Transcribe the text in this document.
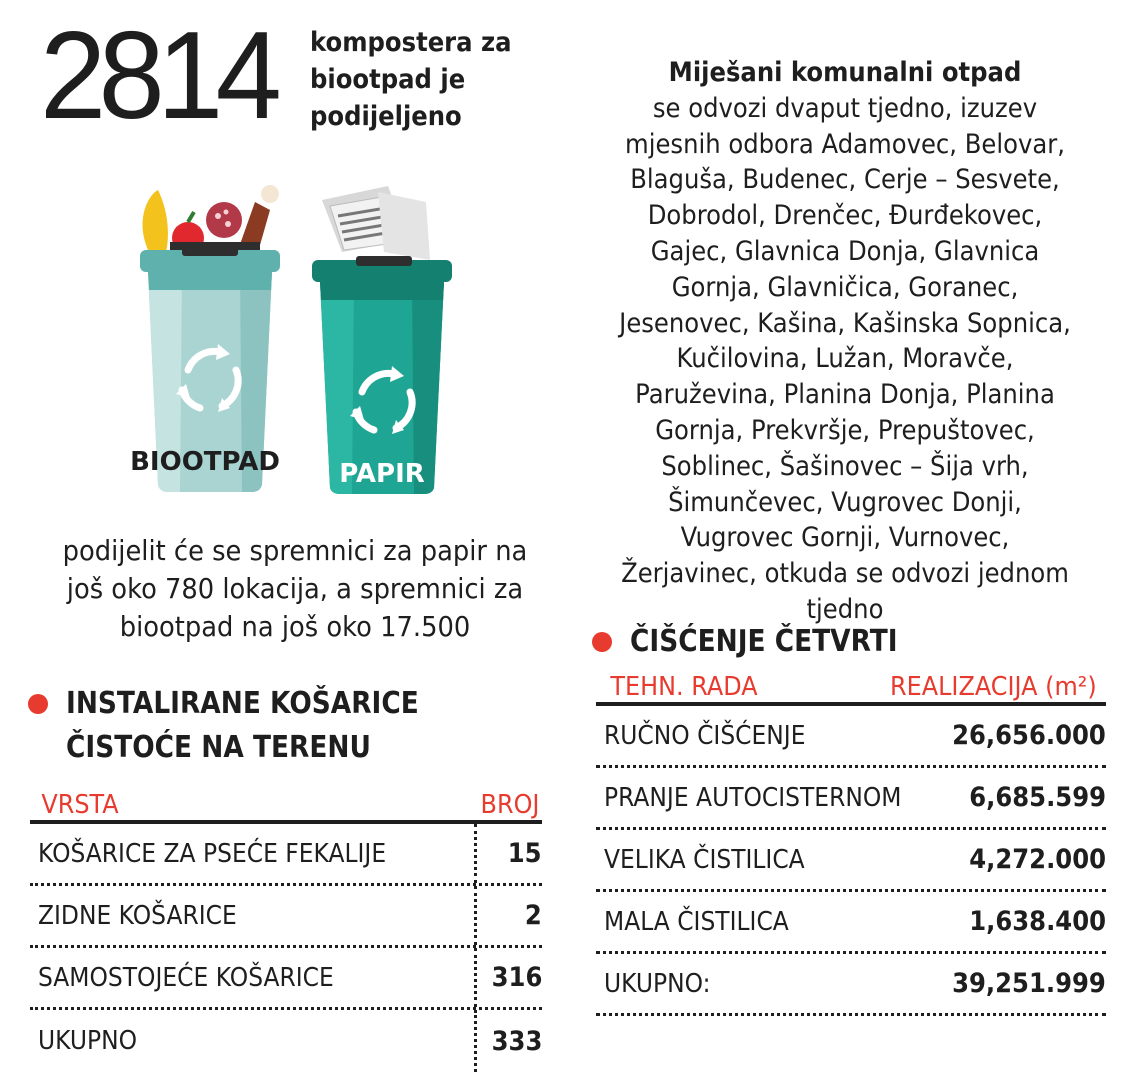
2814 kompostera za biootpad je podijeljeno
BIOOTPAD PAPIR
podijelit će se spremnici za papir na još oko 780 lokacija, a spremnici za biootpad na još oko 17.500
Miješani komunalni otpad
se odvozi dvaput tjedno, izuzev mjesnih odbora Adamovec, Belovar, Blaguša, Budenec, Cerje – Sesvete, Dobrodol, Drenčec, Đurđekovec, Gajec, Glavnica Donja, Glavnica Gornja, Glavničica, Goranec, Jesenovec, Kašina, Kašinska Sopnica, Kučilovina, Lužan, Moravče, Paruževina, Planina Donja, Planina Gornja, Prekvršje, Prepuštovec, Soblinec, Šašinovec – Šija vrh, Šimunčevec, Vugrovec Donji, Vugrovec Gornji, Vurnovec, Žerjavinec, otkuda se odvozi jednom tjedno
INSTALIRANE KOŠARICE
ČISTOĆE NA TERENU
VRSTA	BROJ
KOŠARICE ZA PSEĆE FEKALIJE	15
ZIDNE KOŠARICE	2
SAMOSTOJEĆE KOŠARICE	316
UKUPNO	333
ČIŠĆENJE ČETVRTI
TEHN. RADA	REALIZACIJA (m²)
RUČNO ČIŠĆENJE	26,656.000
PRANJE AUTOCISTERNOM	6,685.599
VELIKA ČISTILICA	4,272.000
MALA ČISTILICA	1,638.400
UKUPNO:	39,251.999
